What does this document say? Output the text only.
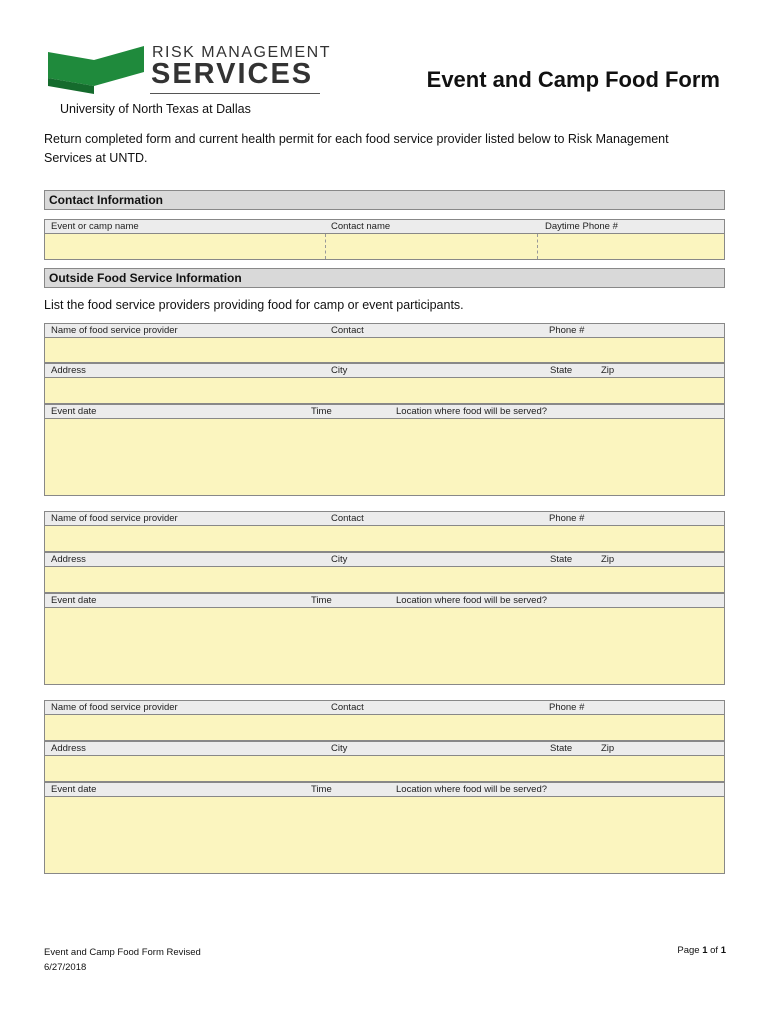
RISK MANAGEMENT
SERVICES	Event and Camp Food Form
University of North Texas at Dallas
Return completed form and current health permit for each food service provider listed below to Risk Management Services at UNTD.
Contact Information
Event or camp name	Contact name	Daytime Phone #
Outside Food Service Information
List the food service providers providing food for camp or event participants.
Name of food service provider	Contact	Phone #
Address	City	State	Zip
Event date	Time	Location where food will be served?
Name of food service provider	Contact	Phone #
Address	City	State	Zip
Event date	Time	Location where food will be served?
Name of food service provider	Contact	Phone #
Address	City	State	Zip
Event date	Time	Location where food will be served?
Event and Camp Food Form Revised
6/27/2018
Page 1 of 1
